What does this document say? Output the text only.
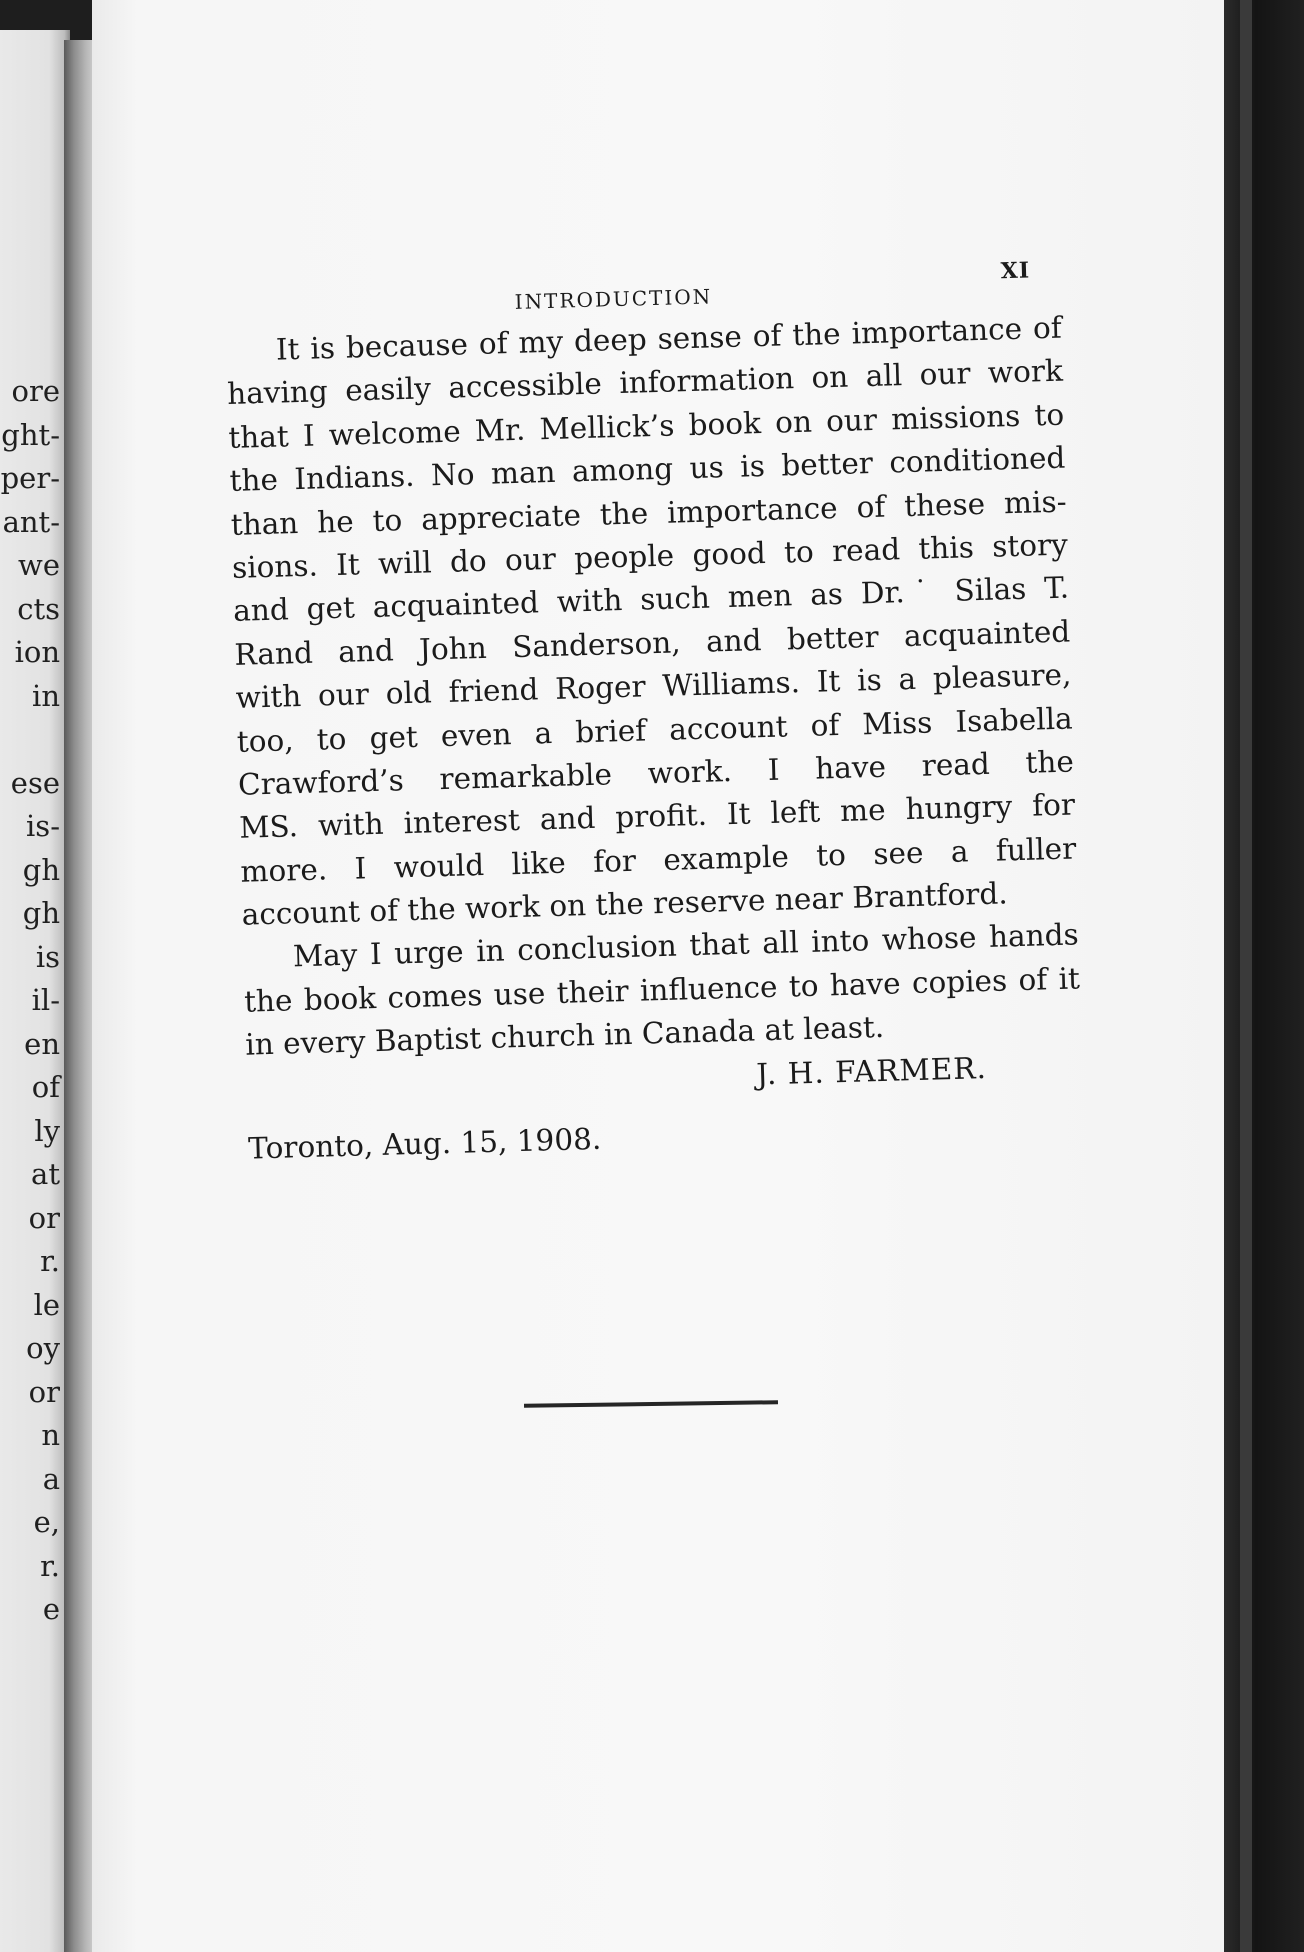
ore
ght-
per-
ant-
we
cts
ion
in
ese
is-
gh
gh
is
il-
en
of
ly
at
or
r.
le
oy
or
n
a
e,
r.
e
INTRODUCTION
XI
It is because of my deep sense of the importance of
having easily accessible information on all our work
that I welcome Mr. Mellick’s book on our missions to
the Indians. No man among us is better conditioned
than he to appreciate the importance of these mis-
sions. It will do our people good to read this story
and get acquainted with such men as Dr.˙ Silas T.
Rand and John Sanderson, and better acquainted
with our old friend Roger Williams. It is a pleasure,
too, to get even a brief account of Miss Isabella
Crawford’s remarkable work. I have read the
MS. with interest and profit. It left me hungry for
more. I would like for example to see a fuller
account of the work on the reserve near Brantford.
May I urge in conclusion that all into whose hands
the book comes use their influence to have copies of it
in every Baptist church in Canada at least.
J. H. FARMER.
Toronto, Aug. 15, 1908.
